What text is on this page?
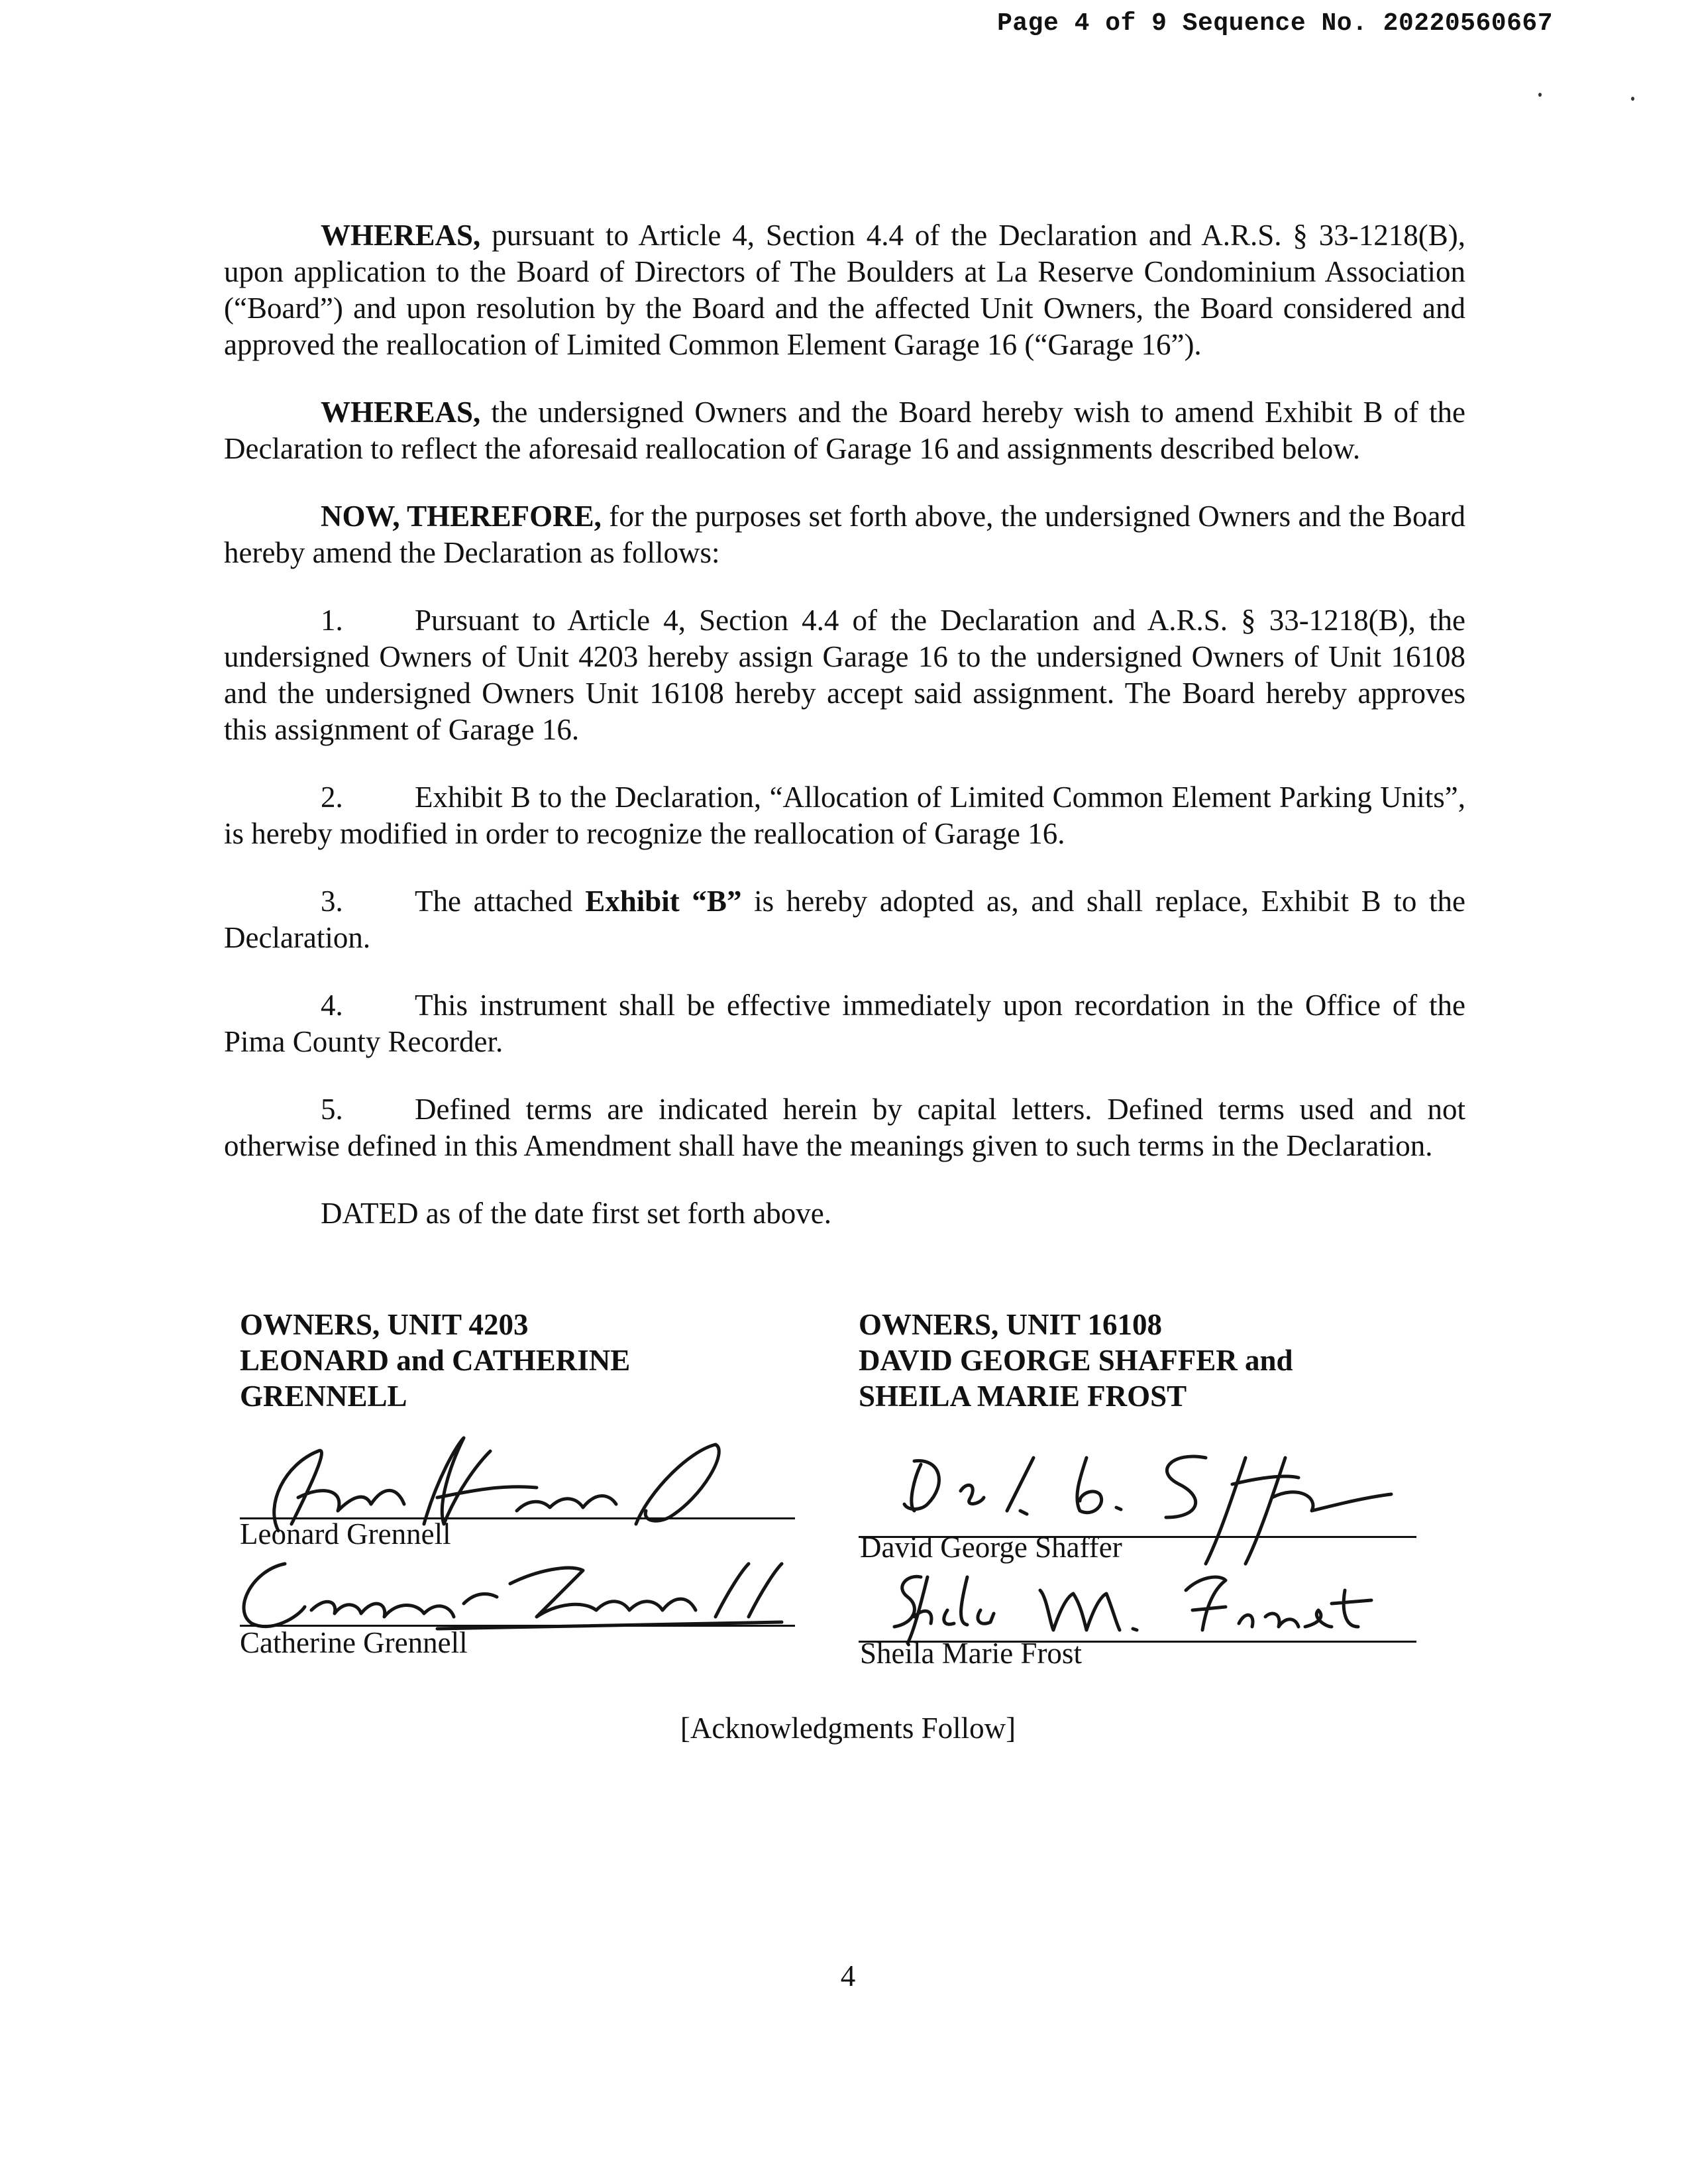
Page 4 of 9 Sequence No. 20220560667

WHEREAS, pursuant to Article 4, Section 4.4 of the Declaration and A.R.S. § 33-1218(B), upon application to the Board of Directors of The Boulders at La Reserve Condominium Association (“Board”) and upon resolution by the Board and the affected Unit Owners, the Board considered and approved the reallocation of Limited Common Element Garage 16 (“Garage 16”).

WHEREAS, the undersigned Owners and the Board hereby wish to amend Exhibit B of the Declaration to reflect the aforesaid reallocation of Garage 16 and assignments described below.

NOW, THEREFORE, for the purposes set forth above, the undersigned Owners and the Board hereby amend the Declaration as follows:

1. Pursuant to Article 4, Section 4.4 of the Declaration and A.R.S. § 33-1218(B), the undersigned Owners of Unit 4203 hereby assign Garage 16 to the undersigned Owners of Unit 16108 and the undersigned Owners Unit 16108 hereby accept said assignment. The Board hereby approves this assignment of Garage 16.

2. Exhibit B to the Declaration, “Allocation of Limited Common Element Parking Units”, is hereby modified in order to recognize the reallocation of Garage 16.

3. The attached Exhibit “B” is hereby adopted as, and shall replace, Exhibit B to the Declaration.

4. This instrument shall be effective immediately upon recordation in the Office of the Pima County Recorder.

5. Defined terms are indicated herein by capital letters. Defined terms used and not otherwise defined in this Amendment shall have the meanings given to such terms in the Declaration.

DATED as of the date first set forth above.

OWNERS, UNIT 4203
LEONARD and CATHERINE
GRENNELL
Leonard Grennell
Catherine Grennell
OWNERS, UNIT 16108
DAVID GEORGE SHAFFER and
SHEILA MARIE FROST
David George Shaffer
Sheila Marie Frost
[Acknowledgments Follow]
4
